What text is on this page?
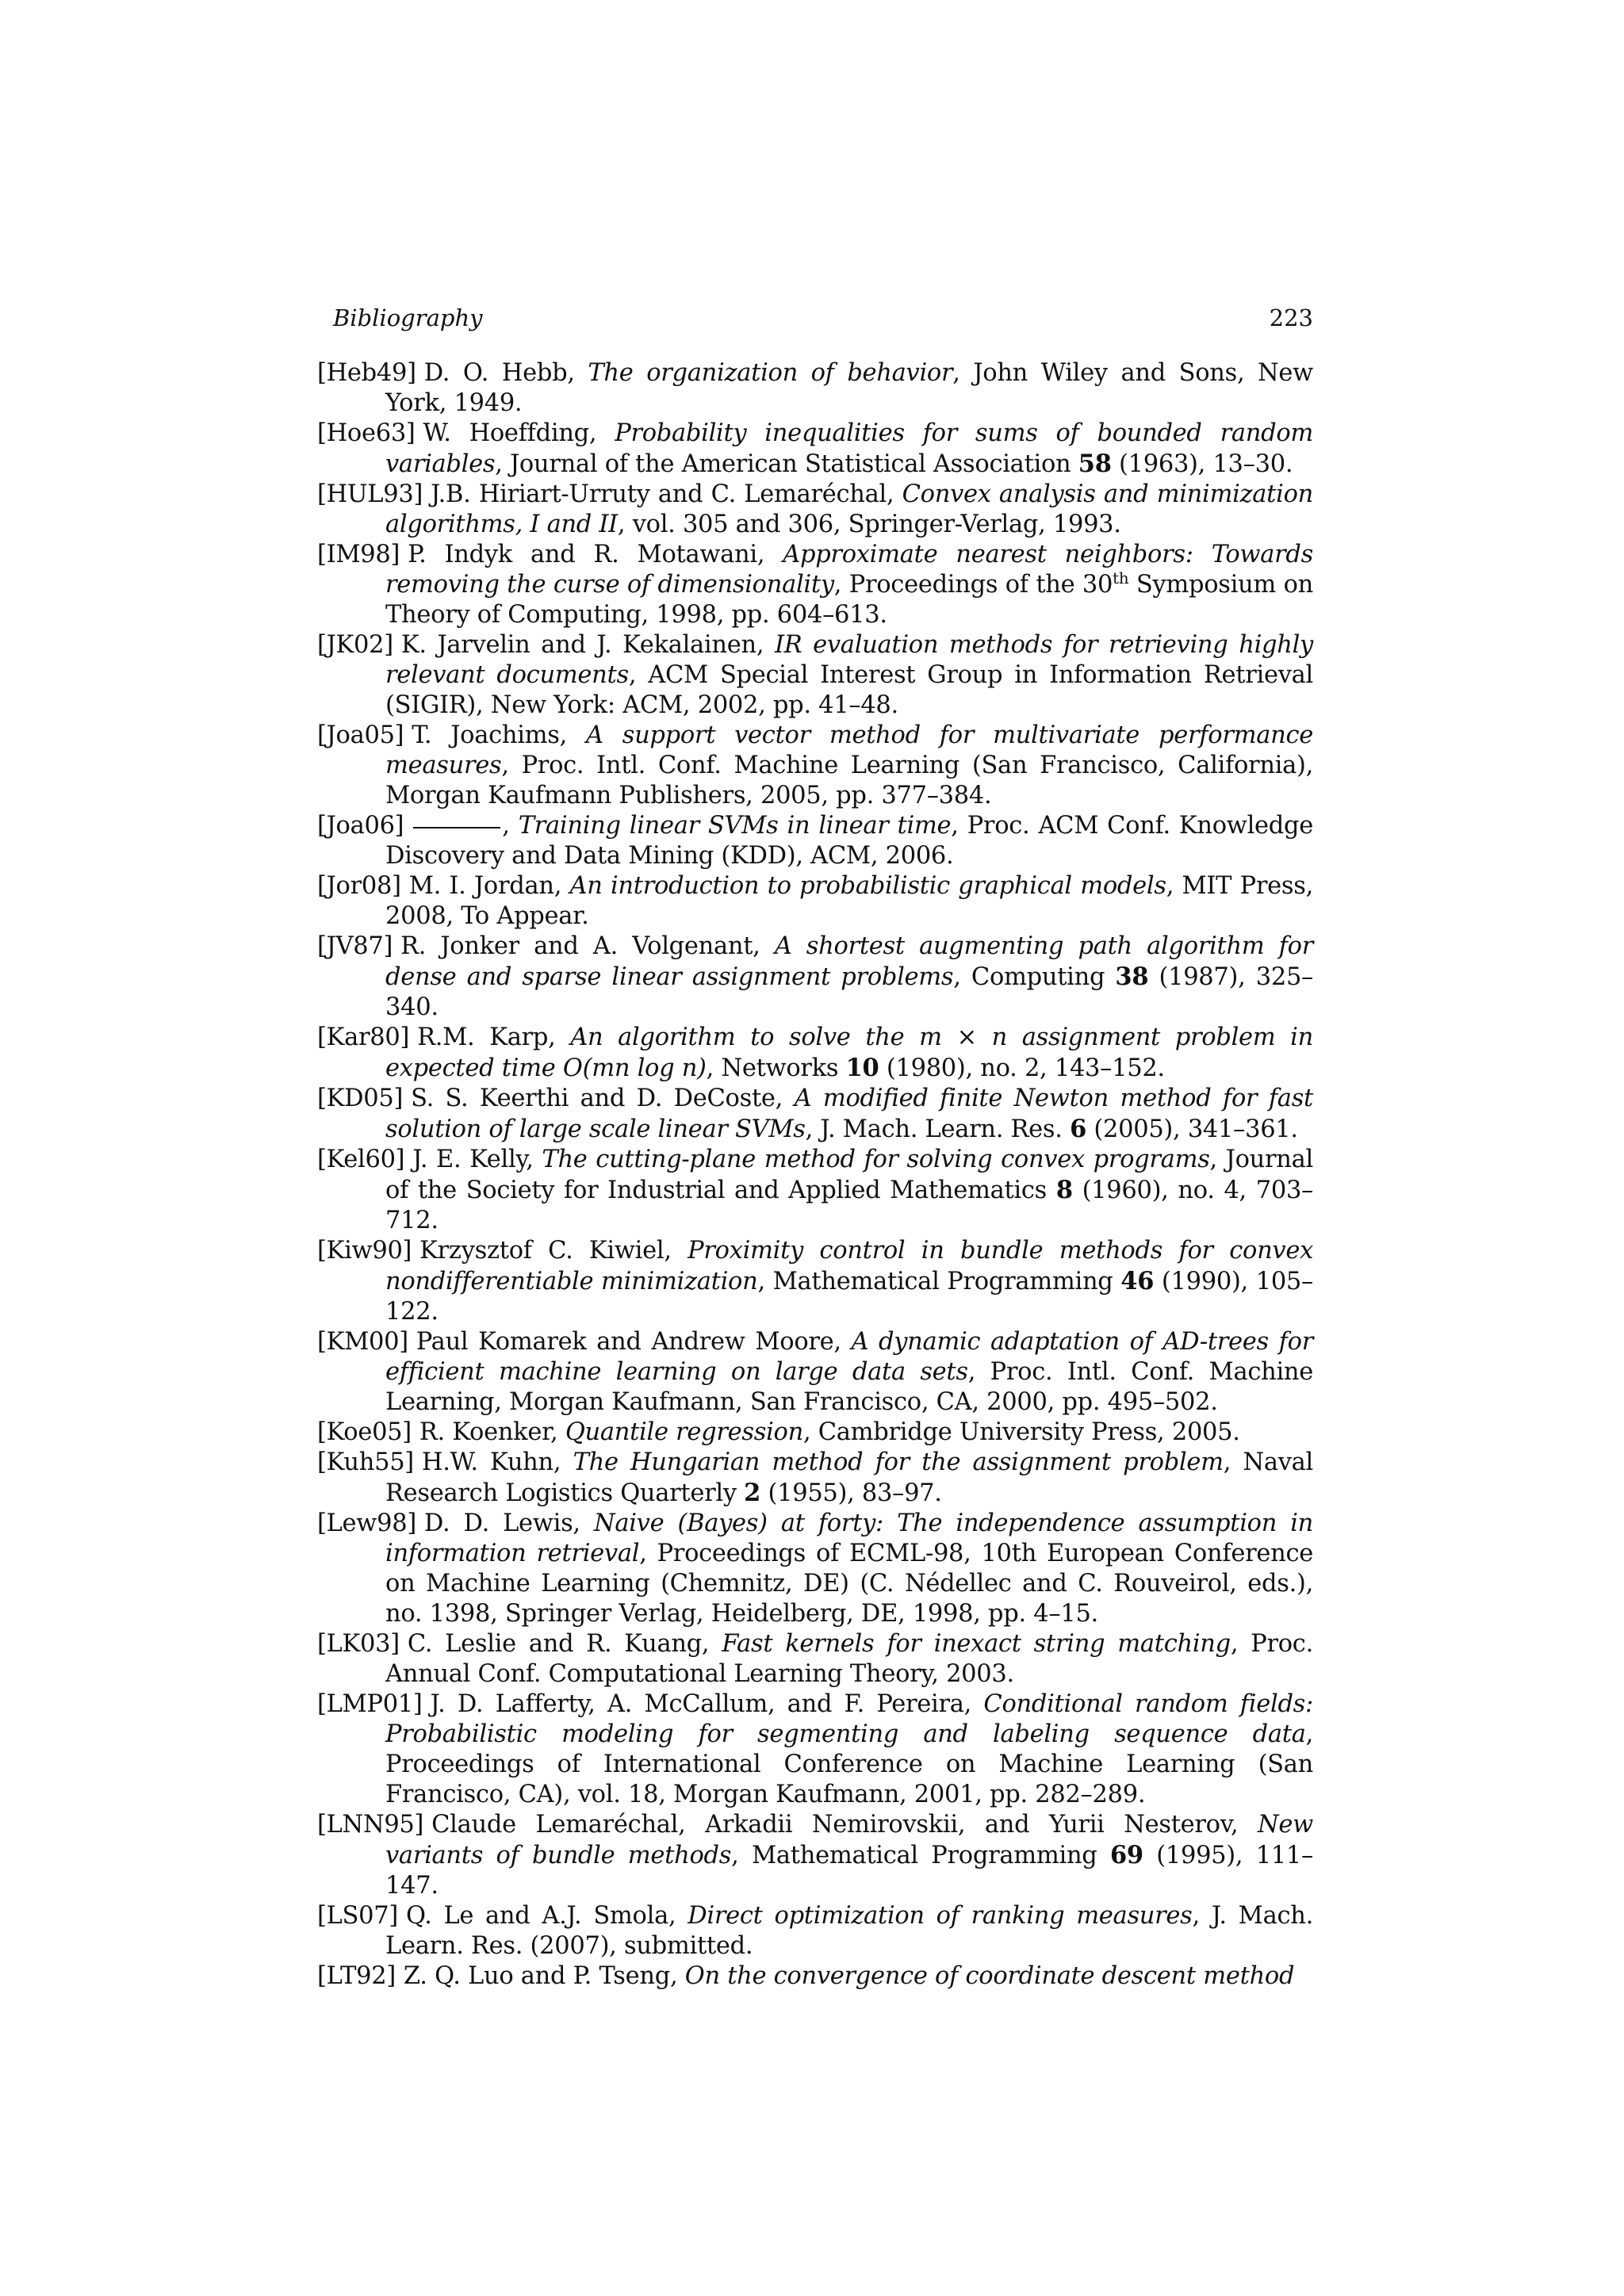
Bibliography	223
[Heb49] D. O. Hebb, The organization of behavior, John Wiley and Sons, New York, 1949.
[Hoe63] W. Hoeffding, Probability inequalities for sums of bounded random variables, Journal of the American Statistical Association 58 (1963), 13–30.
[HUL93] J.B. Hiriart-Urruty and C. Lemaréchal, Convex analysis and minimization algorithms, I and II, vol. 305 and 306, Springer-Verlag, 1993.
[IM98] P. Indyk and R. Motawani, Approximate nearest neighbors: Towards removing the curse of dimensionality, Proceedings of the 30th Symposium on Theory of Computing, 1998, pp. 604–613.
[JK02] K. Jarvelin and J. Kekalainen, IR evaluation methods for retrieving highly relevant documents, ACM Special Interest Group in Information Retrieval (SIGIR), New York: ACM, 2002, pp. 41–48.
[Joa05] T. Joachims, A support vector method for multivariate performance measures, Proc. Intl. Conf. Machine Learning (San Francisco, California), Morgan Kaufmann Publishers, 2005, pp. 377–384.
[Joa06]	, Training linear SVMs in linear time, Proc. ACM Conf. Knowledge Discovery and Data Mining (KDD), ACM, 2006.
[Jor08] M. I. Jordan, An introduction to probabilistic graphical models, MIT Press, 2008, To Appear.
[JV87] R. Jonker and A. Volgenant, A shortest augmenting path algorithm for dense and sparse linear assignment problems, Computing 38 (1987), 325–340.
[Kar80] R.M. Karp, An algorithm to solve the m × n assignment problem in expected time O(mn log n), Networks 10 (1980), no. 2, 143–152.
[KD05] S. S. Keerthi and D. DeCoste, A modified finite Newton method for fast solution of large scale linear SVMs, J. Mach. Learn. Res. 6 (2005), 341–361.
[Kel60] J. E. Kelly, The cutting-plane method for solving convex programs, Journal of the Society for Industrial and Applied Mathematics 8 (1960), no. 4, 703–712.
[Kiw90] Krzysztof C. Kiwiel, Proximity control in bundle methods for convex nondifferentiable minimization, Mathematical Programming 46 (1990), 105–122.
[KM00] Paul Komarek and Andrew Moore, A dynamic adaptation of AD-trees for efficient machine learning on large data sets, Proc. Intl. Conf. Machine Learning, Morgan Kaufmann, San Francisco, CA, 2000, pp. 495–502.
[Koe05] R. Koenker, Quantile regression, Cambridge University Press, 2005.
[Kuh55] H.W. Kuhn, The Hungarian method for the assignment problem, Naval Research Logistics Quarterly 2 (1955), 83–97.
[Lew98] D. D. Lewis, Naive (Bayes) at forty: The independence assumption in information retrieval, Proceedings of ECML-98, 10th European Conference on Machine Learning (Chemnitz, DE) (C. Nédellec and C. Rouveirol, eds.), no. 1398, Springer Verlag, Heidelberg, DE, 1998, pp. 4–15.
[LK03] C. Leslie and R. Kuang, Fast kernels for inexact string matching, Proc. Annual Conf. Computational Learning Theory, 2003.
[LMP01] J. D. Lafferty, A. McCallum, and F. Pereira, Conditional random fields: Probabilistic modeling for segmenting and labeling sequence data, Proceedings of International Conference on Machine Learning (San Francisco, CA), vol. 18, Morgan Kaufmann, 2001, pp. 282–289.
[LNN95] Claude Lemaréchal, Arkadii Nemirovskii, and Yurii Nesterov, New variants of bundle methods, Mathematical Programming 69 (1995), 111–147.
[LS07] Q. Le and A.J. Smola, Direct optimization of ranking measures, J. Mach. Learn. Res. (2007), submitted.
[LT92] Z. Q. Luo and P. Tseng, On the convergence of coordinate descent method
